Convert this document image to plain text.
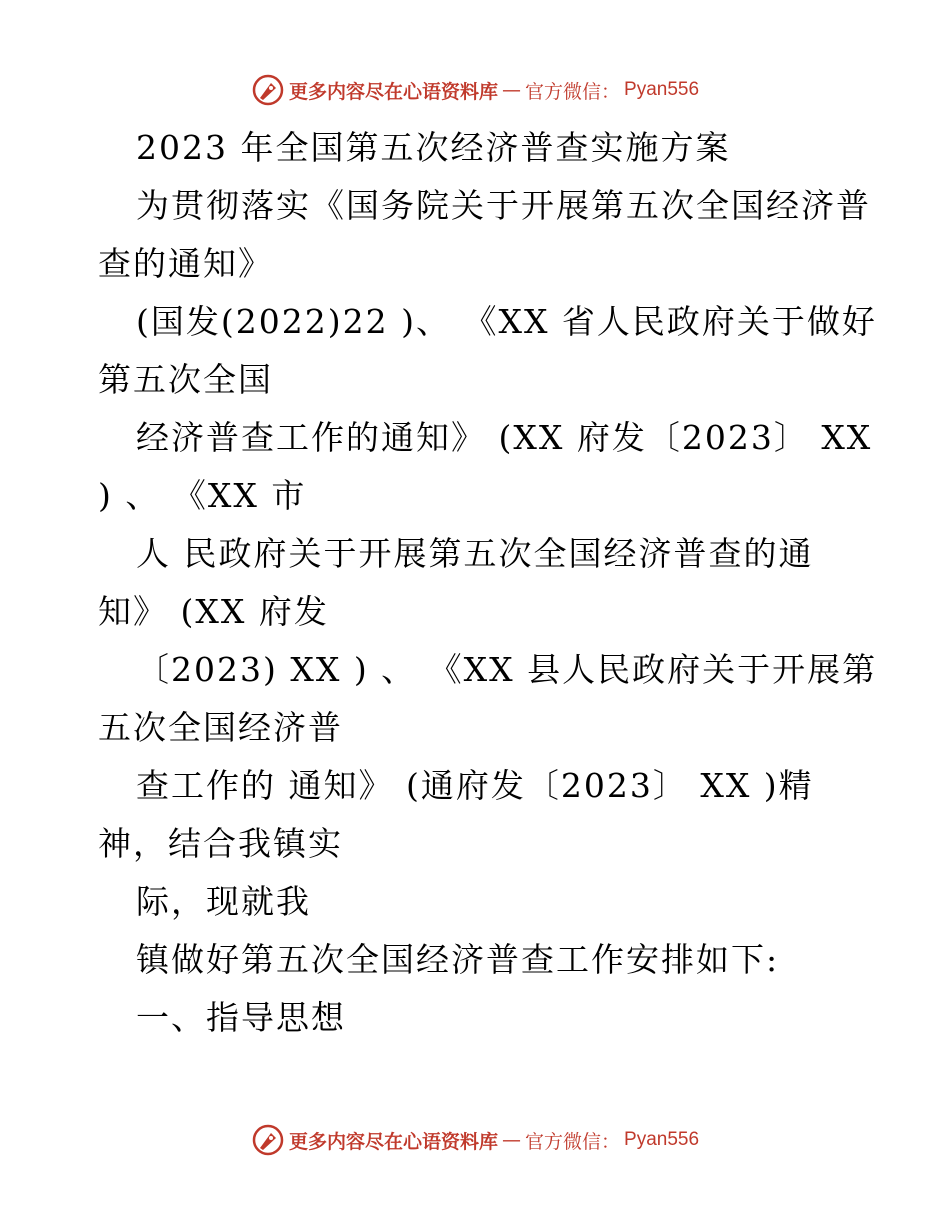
更多内容尽在心语资料库 — 官方微信 ： Pyan556
2023 年全国第五次经济普查实施方案
为贯彻落实《国务院关于开展第五次全国经济普
查的通知》
(国发(2022)22 )、 《XX 省人民政府关于做好
第五次全国
经济普查工作的通知》 (XX 府发〔2023〕 XX
) 、 《XX 市
人 民政府关于开展第五次全国经济普查的通
知》 (XX 府发
〔2023) XX ) 、 《XX 县人民政府关于开展第
五次全国经济普
查工作的 通知》 (通府发〔2023〕 XX )精
神，结合我镇实
际，现就我
镇做好第五次全国经济普查工作安排如下:
一、指导思想
更多内容尽在心语资料库 — 官方微信 ： Pyan556
